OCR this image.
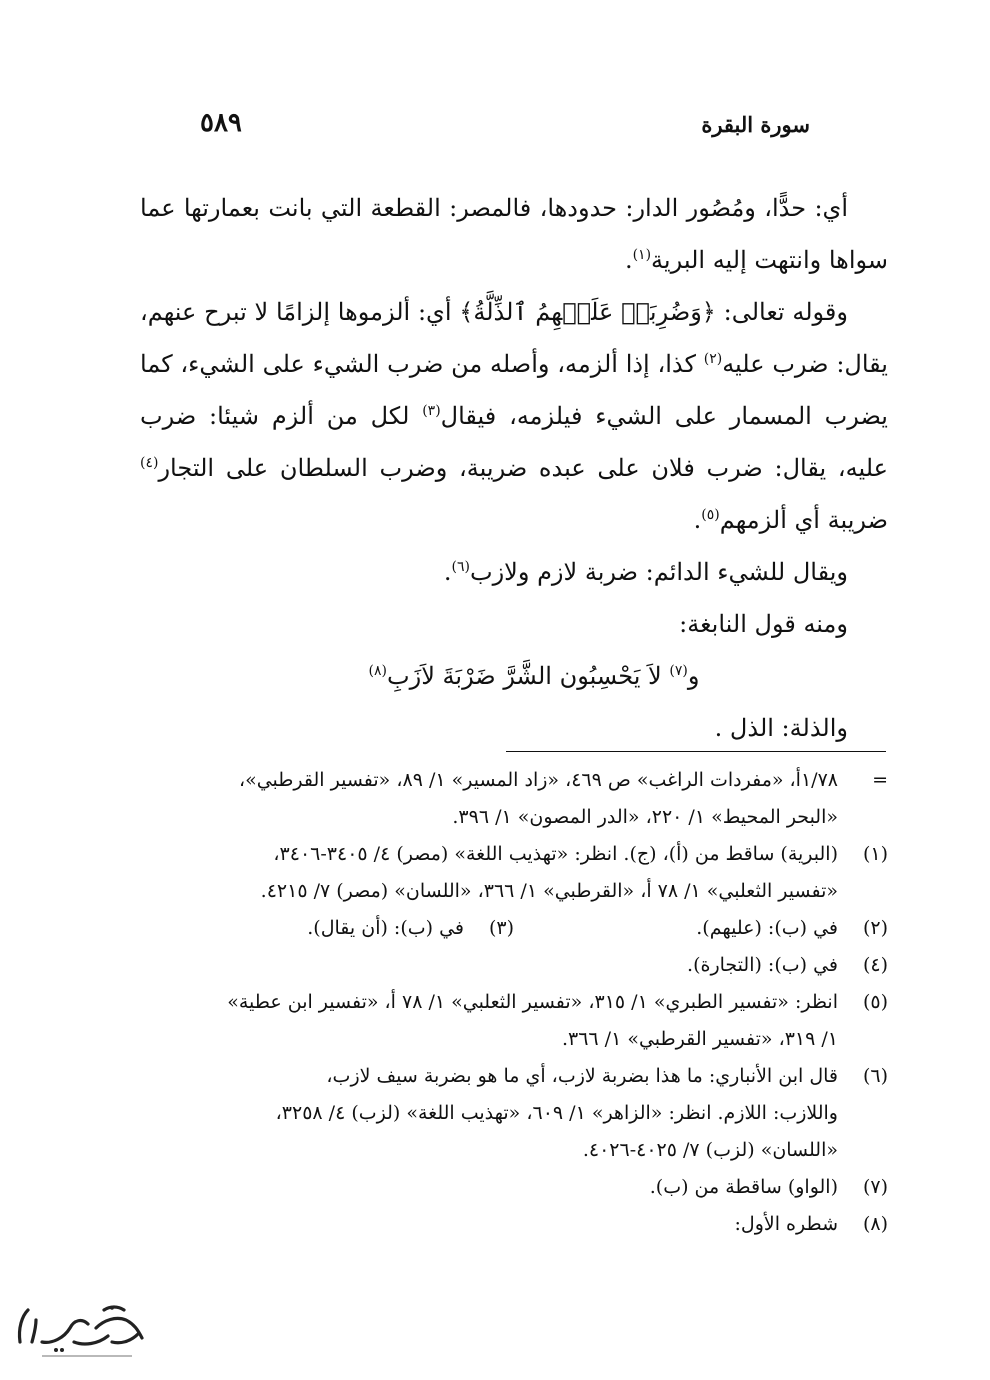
سورة البقرة
٥٨٩

أي: حدًّا، ومُصُور الدار: حدودها، فالمصر: القطعة التي بانت بعمارتها عما سواها وانتهت إليه البرية$^{(١)}$.

وقوله تعالى: ﴿وَضُرِبَتۡ عَلَيۡهِمُ ٱلذِّلَّةُ﴾ أي: ألزموها إلزامًا لا تبرح عنهم، يقال: ضرب عليه$^{(٢)}$ كذا، إذا ألزمه، وأصله من ضرب الشيء على الشيء، كما يضرب المسمار على الشيء فيلزمه، فيقال$^{(٣)}$ لكل من ألزم شيئا: ضرب عليه، يقال: ضرب فلان على عبده ضريبة، وضرب السلطان على التجار$^{(٤)}$ ضريبة أي ألزمهم$^{(٥)}$.

ويقال للشيء الدائم: ضربة لازم ولازب$^{(٦)}$.

ومنه قول النابغة:

و$^{(٧)}$ لاَ يَحْسِبُون الشَّرَّ ضَرْبَةَ لاَزَبِ$^{(٨)}$

والذلة: الذل .

=
١/٧٨أ، «مفردات الراغب» ص ٤٦٩، «زاد المسير» ١/ ٨٩، «تفسير القرطبي»،
«البحر المحيط» ١/ ٢٢٠، «الدر المصون» ١/ ٣٩٦.
(١)
(البرية) ساقط من (أ)، (ج). انظر: «تهذيب اللغة» (مصر) ٤/ ٣٤٠٥-٣٤٠٦،
«تفسير الثعلبي» ١/ ٧٨ أ، «القرطبي» ١/ ٣٦٦، «اللسان» (مصر) ٧/ ٤٢١٥.
(٢)
في (ب): (عليهم).
(٣)
في (ب): (أن يقال).
(٤)
في (ب): (التجارة).
(٥)
انظر: «تفسير الطبري» ١/ ٣١٥، «تفسير الثعلبي» ١/ ٧٨ أ، «تفسير ابن عطية»
١/ ٣١٩، «تفسير القرطبي» ١/ ٣٦٦.
(٦)
قال ابن الأنباري: ما هذا بضربة لازب، أي ما هو بضربة سيف لازب،
واللازب: اللازم. انظر: «الزاهر» ١/ ٦٠٩، «تهذيب اللغة» (لزب) ٤/ ٣٢٥٨،
«اللسان» (لزب) ٧/ ٤٠٢٥-٤٠٢٦.
(٧)
(الواو) ساقطة من (ب).
(٨)
شطره الأول:
